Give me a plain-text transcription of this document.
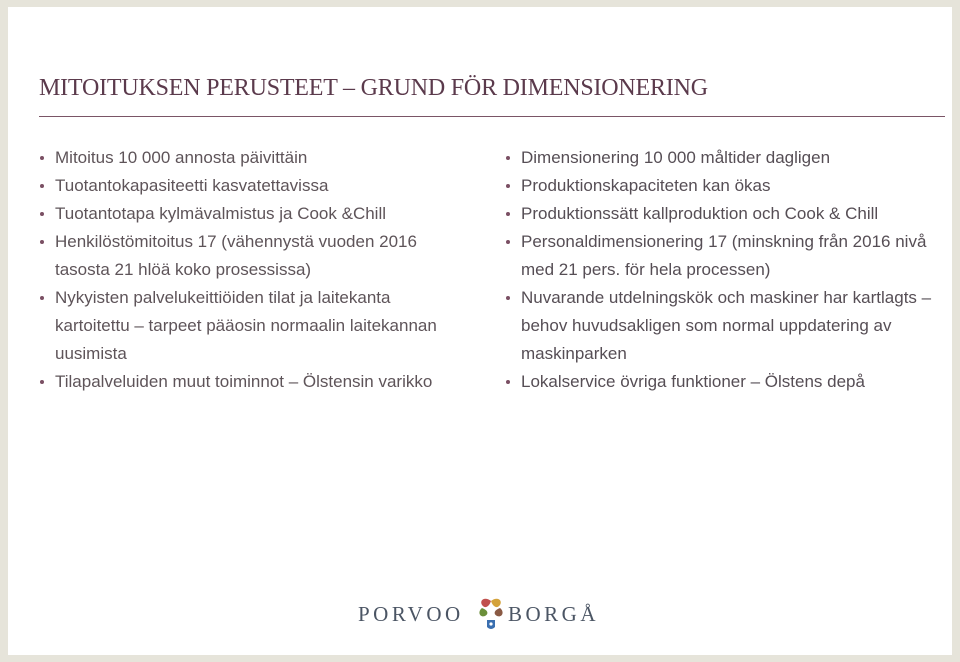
MITOITUKSEN PERUSTEET – GRUND FÖR DIMENSIONERING
Mitoitus 10 000 annosta päivittäin
Tuotantokapasiteetti kasvatettavissa
Tuotantotapa kylmävalmistus ja Cook &Chill
Henkilöstömitoitus 17 (vähennystä vuoden 2016 tasosta 21 hlöä koko prosessissa)
Nykyisten palvelukeittiöiden tilat ja laitekanta kartoitettu – tarpeet pääosin normaalin laitekannan uusimista
Tilapalveluiden muut toiminnot – Ölstensin varikko
Dimensionering 10 000 måltider dagligen
Produktionskapaciteten kan ökas
Produktionssätt kallproduktion och Cook & Chill
Personaldimensionering 17 (minskning från 2016 nivå med 21 pers. för hela processen)
Nuvarande utdelningskök och maskiner har kartlagts – behov huvudsakligen som normal uppdatering av maskinparken
Lokalservice övriga funktioner – Ölstens depå
PORVOO BORGÅ
